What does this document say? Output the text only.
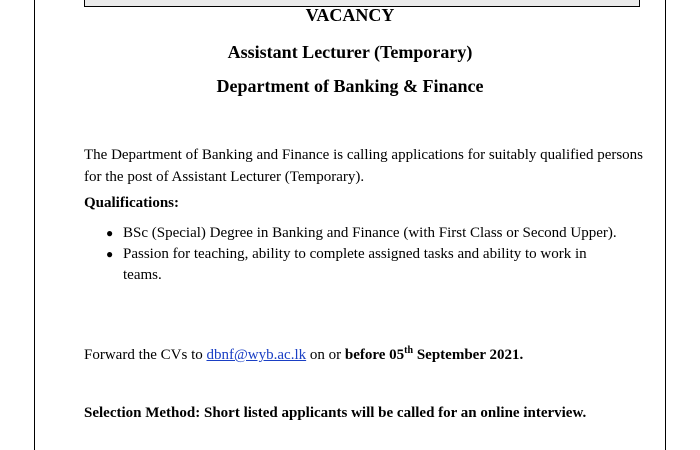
VACANCY
Assistant Lecturer (Temporary)
Department of Banking & Finance
The Department of Banking and Finance is calling applications for suitably qualified persons for the post of Assistant Lecturer (Temporary).
Qualifications:
● BSc (Special) Degree in Banking and Finance (with First Class or Second Upper).
● Passion for teaching, ability to complete assigned tasks and ability to work in teams.
Forward the CVs to dbnf@wyb.ac.lk on or before 05th September 2021.
Selection Method: Short listed applicants will be called for an online interview.
